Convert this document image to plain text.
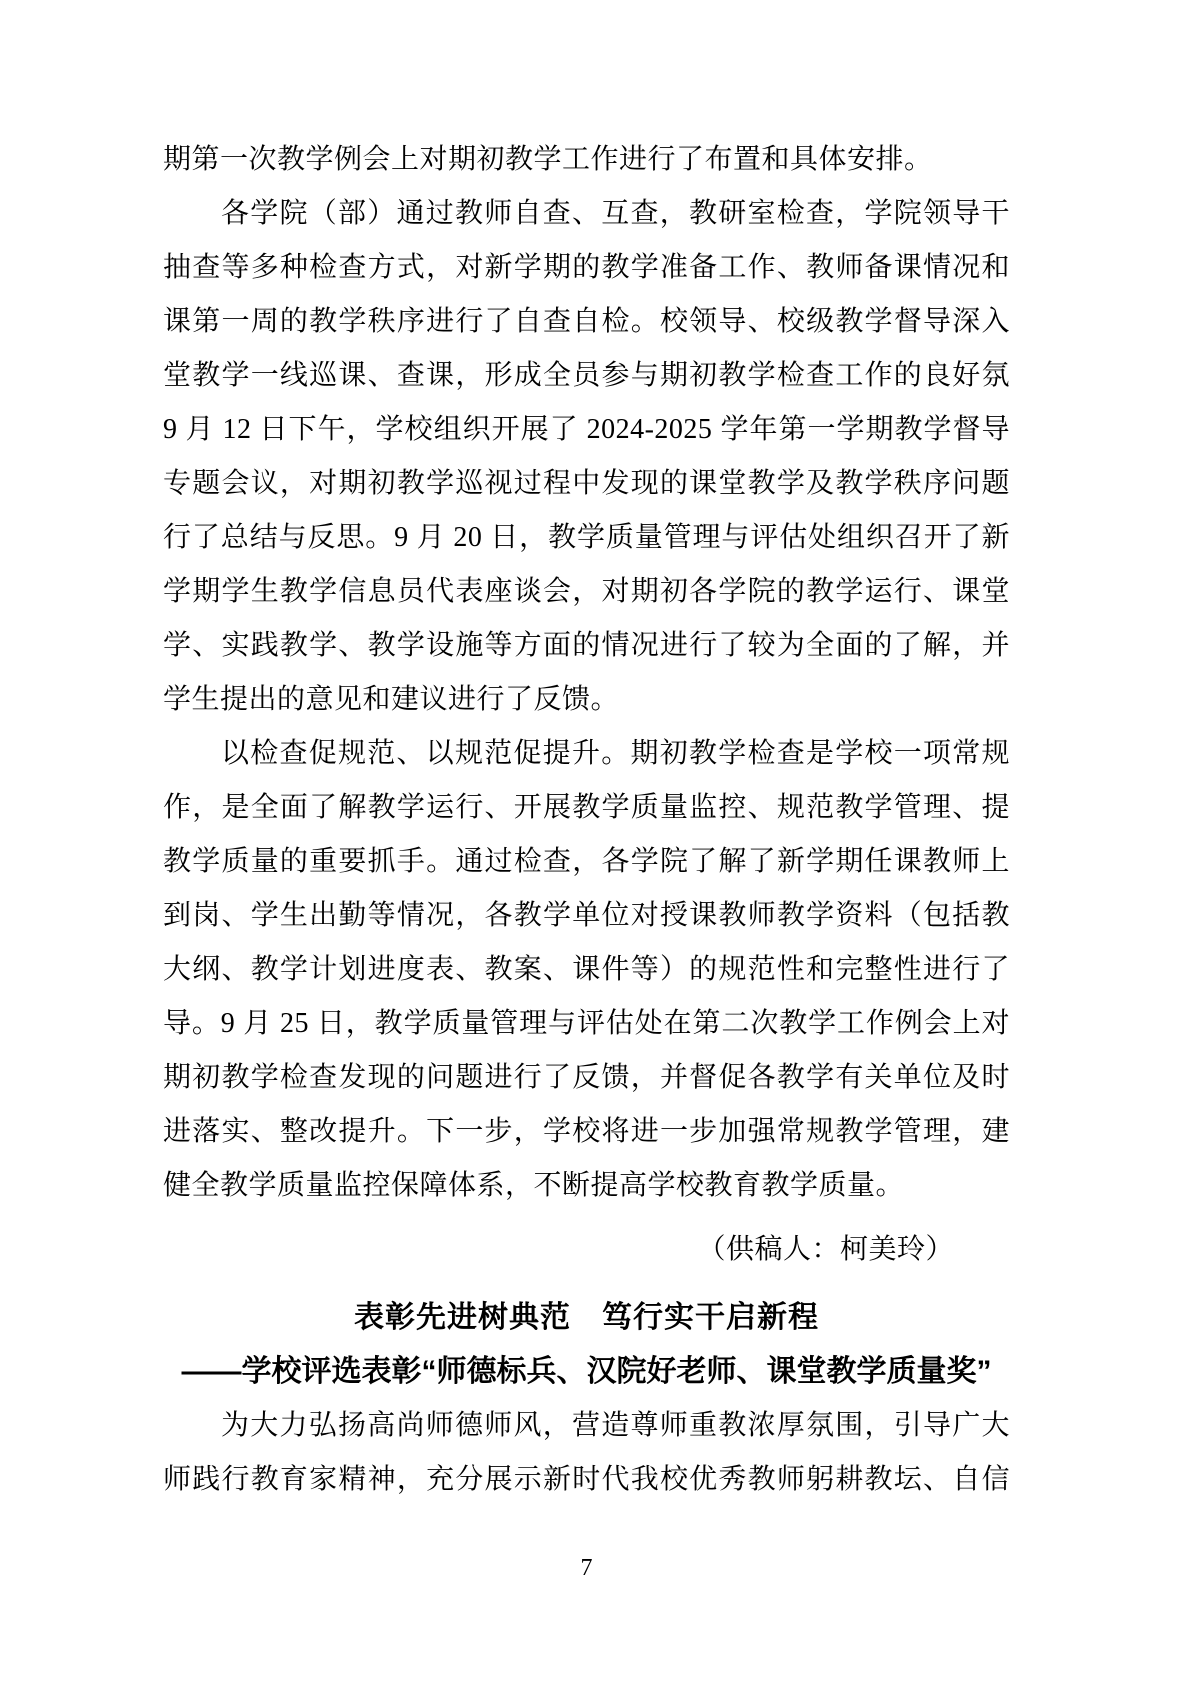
期第一次教学例会上对期初教学工作进行了布置和具体安排。
各学院（部）通过教师自查、互查，教研室检查，学院领导干
抽查等多种检查方式，对新学期的教学准备工作、教师备课情况和
课第一周的教学秩序进行了自查自检。校领导、校级教学督导深入
堂教学一线巡课、查课，形成全员参与期初教学检查工作的良好氛
9 月 12 日下午，学校组织开展了 2024-2025 学年第一学期教学督导
专题会议，对期初教学巡视过程中发现的课堂教学及教学秩序问题
行了总结与反思。9 月 20 日，教学质量管理与评估处组织召开了新
学期学生教学信息员代表座谈会，对期初各学院的教学运行、课堂
学、实践教学、教学设施等方面的情况进行了较为全面的了解，并
学生提出的意见和建议进行了反馈。
以检查促规范、以规范促提升。期初教学检查是学校一项常规
作，是全面了解教学运行、开展教学质量监控、规范教学管理、提
教学质量的重要抓手。通过检查，各学院了解了新学期任课教师上
到岗、学生出勤等情况，各教学单位对授课教师教学资料（包括教
大纲、教学计划进度表、教案、课件等）的规范性和完整性进行了
导。9 月 25 日，教学质量管理与评估处在第二次教学工作例会上对
期初教学检查发现的问题进行了反馈，并督促各教学有关单位及时
进落实、整改提升。下一步，学校将进一步加强常规教学管理，建
健全教学质量监控保障体系，不断提高学校教育教学质量。
（供稿人：柯美玲）
表彰先进树典范　笃行实干启新程
——学校评选表彰“师德标兵、汉院好老师、课堂教学质量奖”
为大力弘扬高尚师德师风，营造尊师重教浓厚氛围，引导广大
师践行教育家精神，充分展示新时代我校优秀教师躬耕教坛、自信
7
